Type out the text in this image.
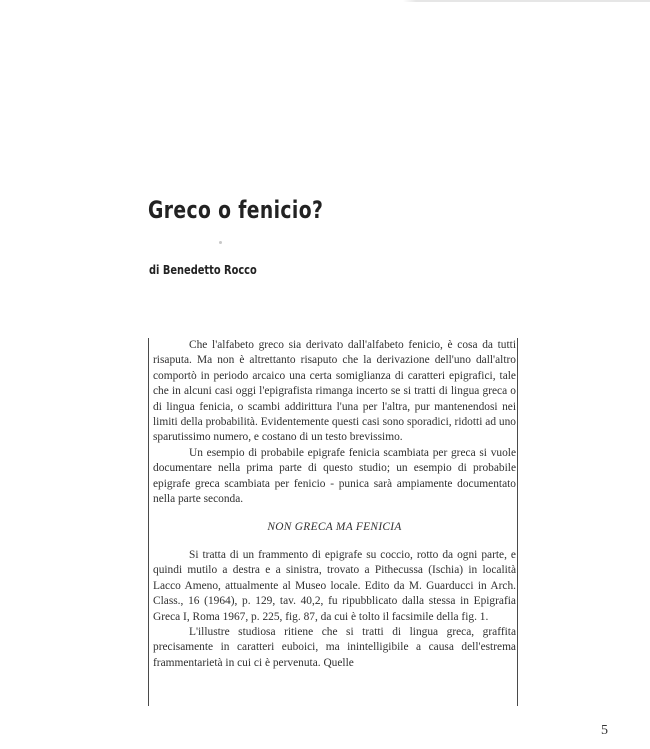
Greco o fenicio?

di Benedetto Rocco

Che l'alfabeto greco sia derivato dall'alfabeto fenicio, è cosa da tutti risaputa. Ma non è altrettanto risaputo che la derivazione dell'uno dall'altro comportò in periodo arcaico una certa somiglianza di caratteri epigrafici, tale che in alcuni casi oggi l'epigrafista rimanga incerto se si tratti di lingua greca o di lingua fenicia, o scambi addirittura l'una per l'altra, pur mantenendosi nei limiti della probabilità. Evidentemente questi casi sono sporadici, ridotti ad uno sparutissimo numero, e costano di un testo brevissimo.

Un esempio di probabile epigrafe fenicia scambiata per greca si vuole documentare nella prima parte di questo studio; un esempio di probabile epigrafe greca scambiata per fenicio - punica sarà ampiamente documentato nella parte seconda.

NON GRECA MA FENICIA

Si tratta di un frammento di epigrafe su coccio, rotto da ogni parte, e quindi mutilo a destra e a sinistra, trovato a Pithecussa (Ischia) in località Lacco Ameno, attualmente al Museo locale. Edito da M. Guarducci in Arch. Class., 16 (1964), p. 129, tav. 40,2, fu ripubblicato dalla stessa in Epigrafia Greca I, Roma 1967, p. 225, fig. 87, da cui è tolto il facsimile della fig. 1.

L'illustre studiosa ritiene che si tratti di lingua greca, graffita precisamente in caratteri euboici, ma inintelligibile a causa dell'estrema frammentarietà in cui ci è pervenuta. Quelle

5
